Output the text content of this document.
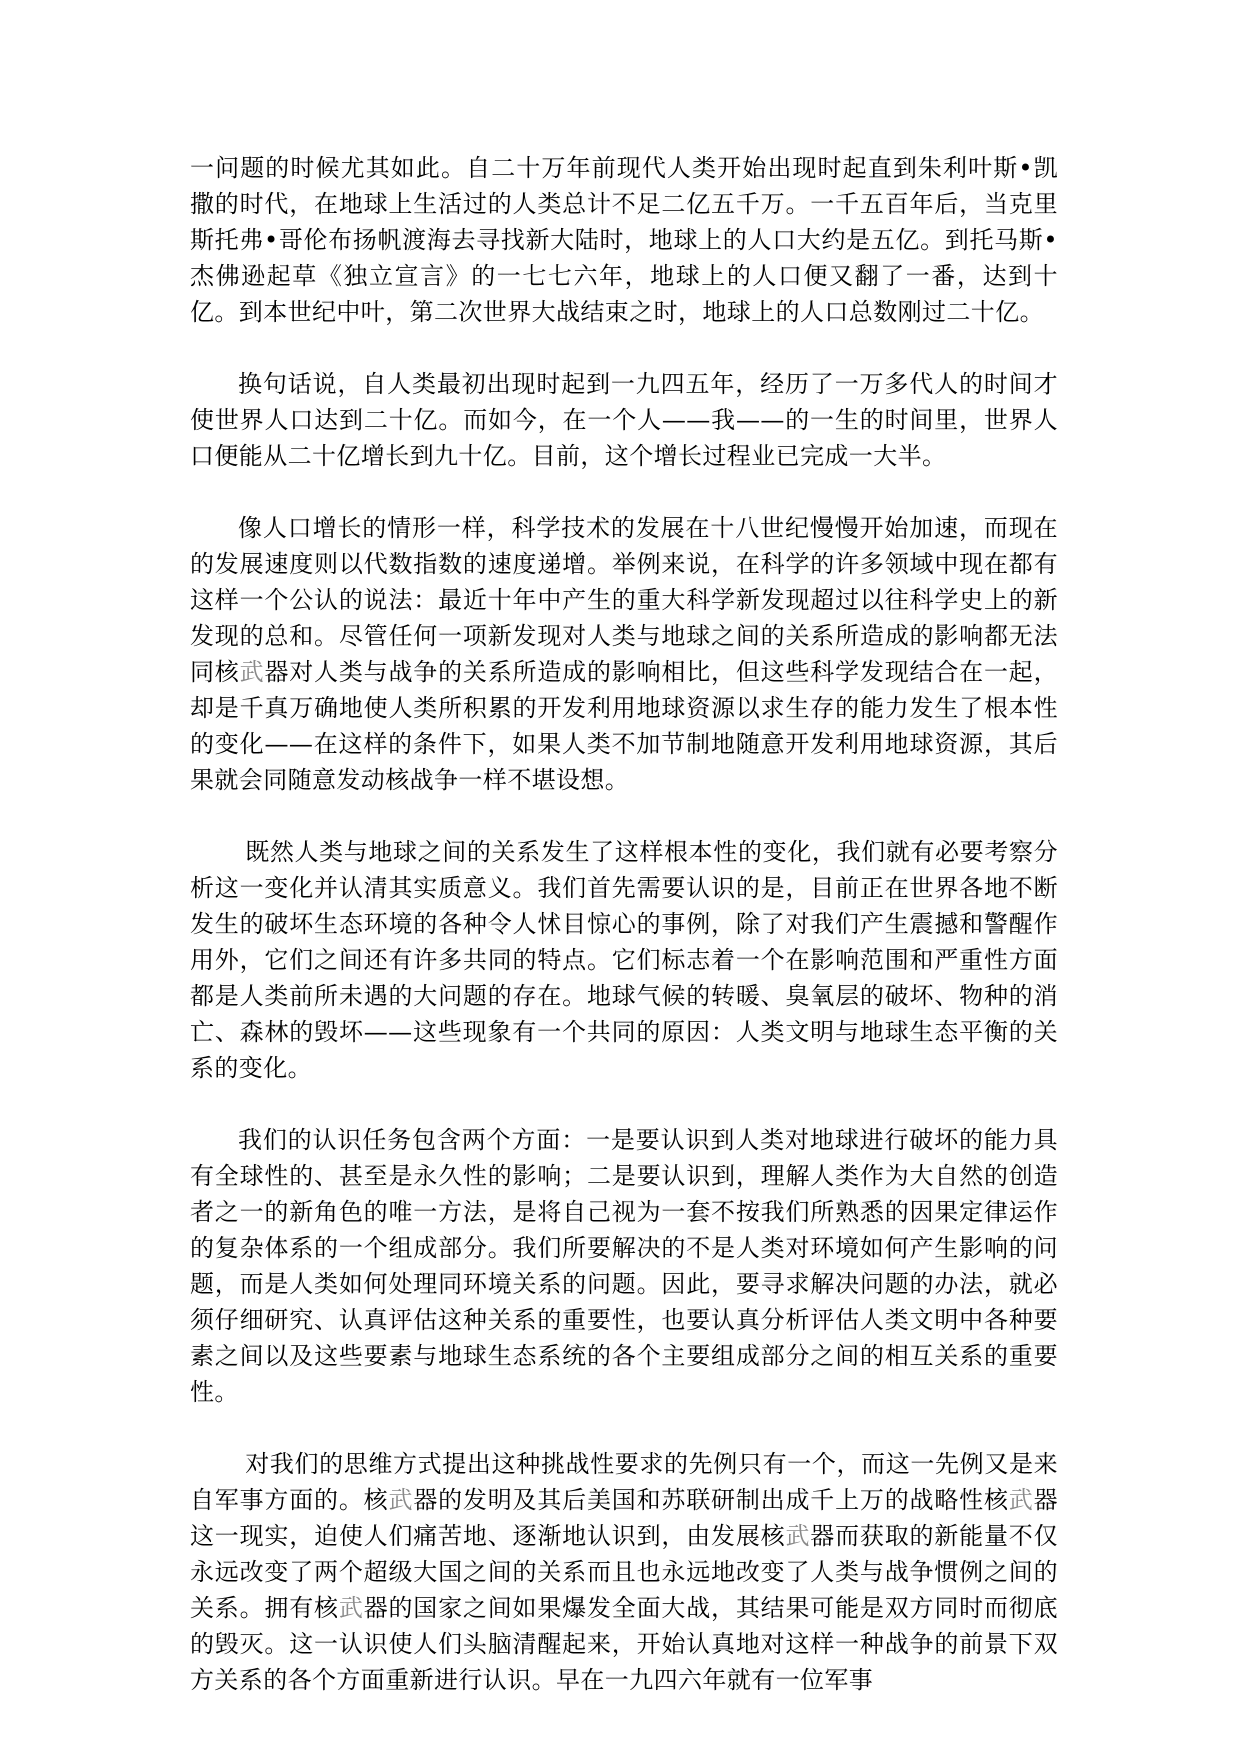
一问题的时候尤其如此。自二十万年前现代人类开始出现时起直到朱利叶斯•凯撒的时代，在地球上生活过的人类总计不足二亿五千万。一千五百年后，当克里斯托弗•哥伦布扬帆渡海去寻找新大陆时，地球上的人口大约是五亿。到托马斯•杰佛逊起草《独立宣言》的一七七六年，地球上的人口便又翻了一番，达到十亿。到本世纪中叶，第二次世界大战结束之时，地球上的人口总数刚过二十亿。

换句话说，自人类最初出现时起到一九四五年，经历了一万多代人的时间才使世界人口达到二十亿。而如今，在一个人——我——的一生的时间里，世界人口便能从二十亿增长到九十亿。目前，这个增长过程业已完成一大半。

像人口增长的情形一样，科学技术的发展在十八世纪慢慢开始加速，而现在的发展速度则以代数指数的速度递增。举例来说，在科学的许多领域中现在都有这样一个公认的说法：最近十年中产生的重大科学新发现超过以往科学史上的新发现的总和。尽管任何一项新发现对人类与地球之间的关系所造成的影响都无法同核武器对人类与战争的关系所造成的影响相比，但这些科学发现结合在一起，却是千真万确地使人类所积累的开发利用地球资源以求生存的能力发生了根本性的变化——在这样的条件下，如果人类不加节制地随意开发利用地球资源，其后果就会同随意发动核战争一样不堪设想。

既然人类与地球之间的关系发生了这样根本性的变化，我们就有必要考察分析这一变化并认清其实质意义。我们首先需要认识的是，目前正在世界各地不断发生的破坏生态环境的各种令人怵目惊心的事例，除了对我们产生震撼和警醒作用外，它们之间还有许多共同的特点。它们标志着一个在影响范围和严重性方面都是人类前所未遇的大问题的存在。地球气候的转暖、臭氧层的破坏、物种的消亡、森林的毁坏——这些现象有一个共同的原因：人类文明与地球生态平衡的关系的变化。

我们的认识任务包含两个方面：一是要认识到人类对地球进行破坏的能力具有全球性的、甚至是永久性的影响；二是要认识到，理解人类作为大自然的创造者之一的新角色的唯一方法，是将自己视为一套不按我们所熟悉的因果定律运作的复杂体系的一个组成部分。我们所要解决的不是人类对环境如何产生影响的问题，而是人类如何处理同环境关系的问题。因此，要寻求解决问题的办法，就必须仔细研究、认真评估这种关系的重要性，也要认真分析评估人类文明中各种要素之间以及这些要素与地球生态系统的各个主要组成部分之间的相互关系的重要性。

对我们的思维方式提出这种挑战性要求的先例只有一个，而这一先例又是来自军事方面的。核武器的发明及其后美国和苏联研制出成千上万的战略性核武器这一现实，迫使人们痛苦地、逐渐地认识到，由发展核武器而获取的新能量不仅永远改变了两个超级大国之间的关系而且也永远地改变了人类与战争惯例之间的关系。拥有核武器的国家之间如果爆发全面大战，其结果可能是双方同时而彻底的毁灭。这一认识使人们头脑清醒起来，开始认真地对这样一种战争的前景下双方关系的各个方面重新进行认识。早在一九四六年就有一位军事
